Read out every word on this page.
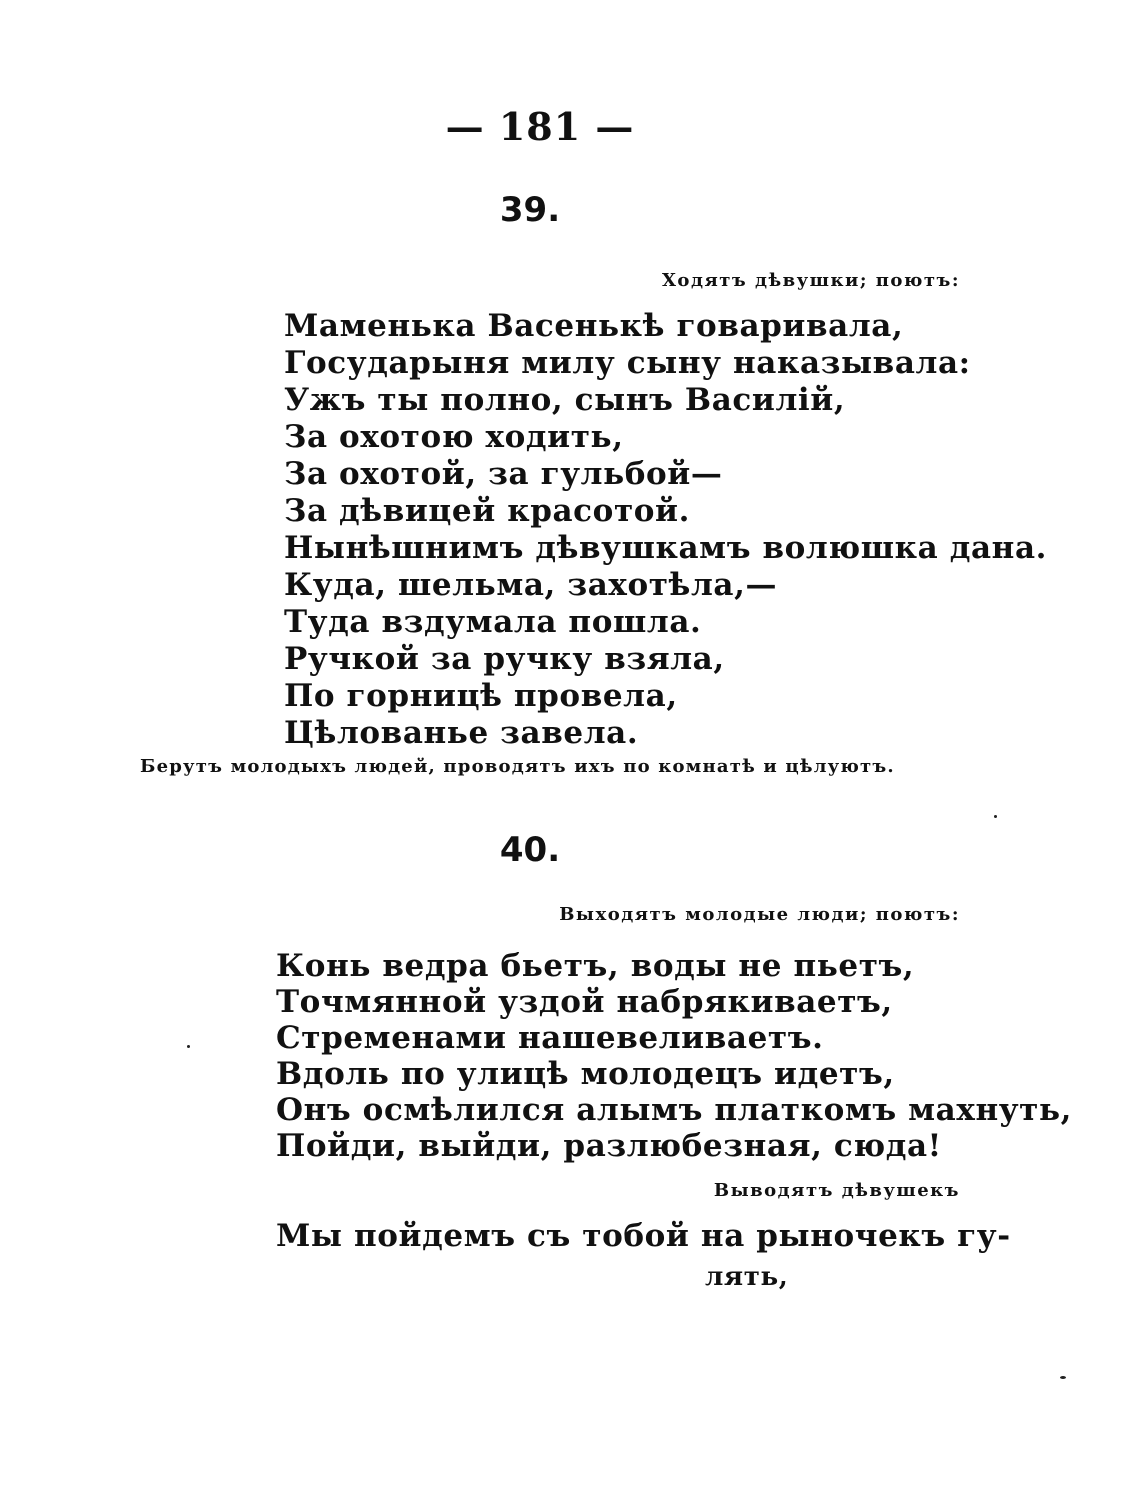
— 181 —
39.
Ходятъ дѣвушки; поютъ:
Маменька Васенькѣ говаривала,
Государыня милу сыну наказывала:
Ужъ ты полно, сынъ Василій,
За охотою ходить,
За охотой, за гульбой—
За дѣвицей красотой.
Нынѣшнимъ дѣвушкамъ волюшка дана.
Куда, шельма, захотѣла,—
Туда вздумала пошла.
Ручкой за ручку взяла,
По горницѣ провела,
Цѣлованье завела.
Берутъ молодыхъ людей, проводятъ ихъ по комнатѣ и цѣлуютъ.
40.
Выходятъ молодые люди; поютъ:
Конь ведра бьетъ, воды не пьетъ,
Точмянной уздой набрякиваетъ,
Стременами нашевеливаетъ.
Вдоль по улицѣ молодецъ идетъ,
Онъ осмѣлился алымъ платкомъ махнуть,
Пойди, выйди, разлюбезная, сюда!
Выводятъ дѣвушекъ
Мы пойдемъ съ тобой на рыночекъ гу-
лять,
